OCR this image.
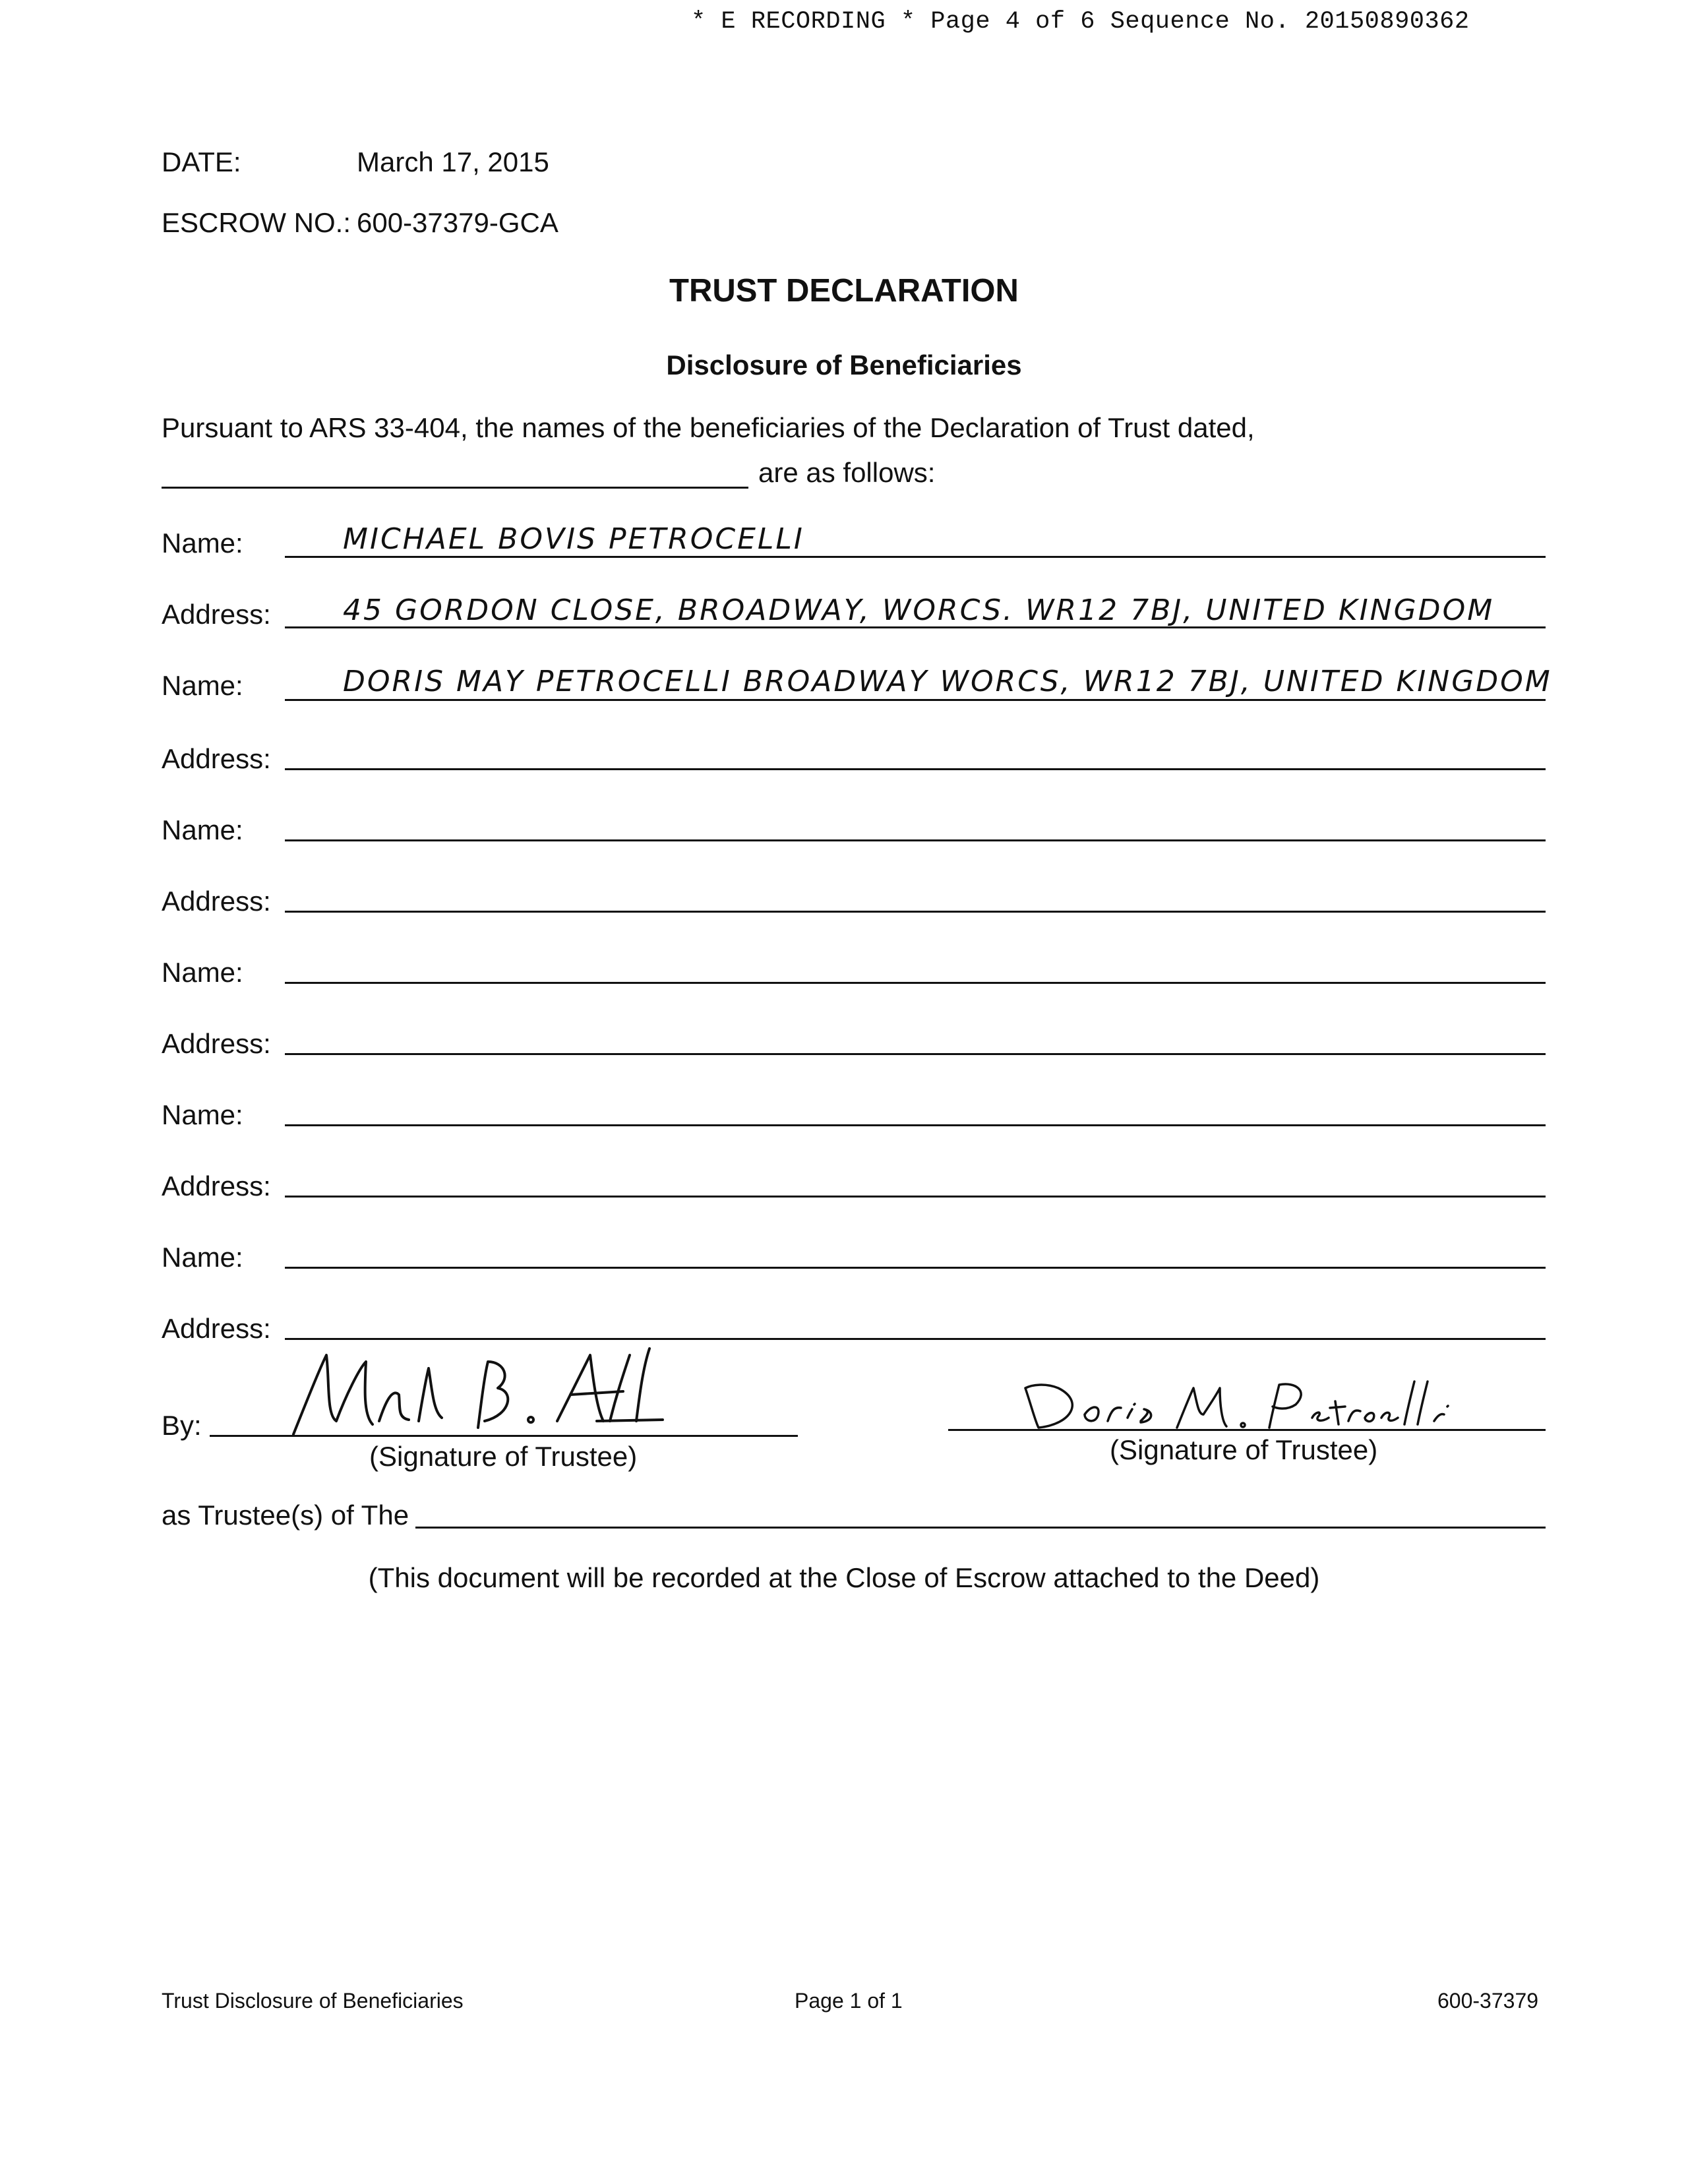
* E RECORDING * Page 4 of 6 Sequence No. 20150890362
DATE:	March 17, 2015
ESCROW NO.: 600-37379-GCA
TRUST DECLARATION
Disclosure of Beneficiaries
Pursuant to ARS 33-404, the names of the beneficiaries of the Declaration of Trust dated,
are as follows:
Name:	MICHAEL BOVIS PETROCELLI
Address: 45 GORDON CLOSE, BROADWAY, WORCS. WR12 7BJ, UNITED KINGDOM
Name:	DORIS MAY PETROCELLI BROADWAY WORCS, WR12 7BJ, UNITED KINGDOM
Address:
Name:
Address:
Name:
Address:
Name:
Address:
Name:
Address:
By:
(Signature of Trustee)	(Signature of Trustee)
as Trustee(s) of The
(This document will be recorded at the Close of Escrow attached to the Deed)
Trust Disclosure of Beneficiaries	Page 1 of 1	600-37379
